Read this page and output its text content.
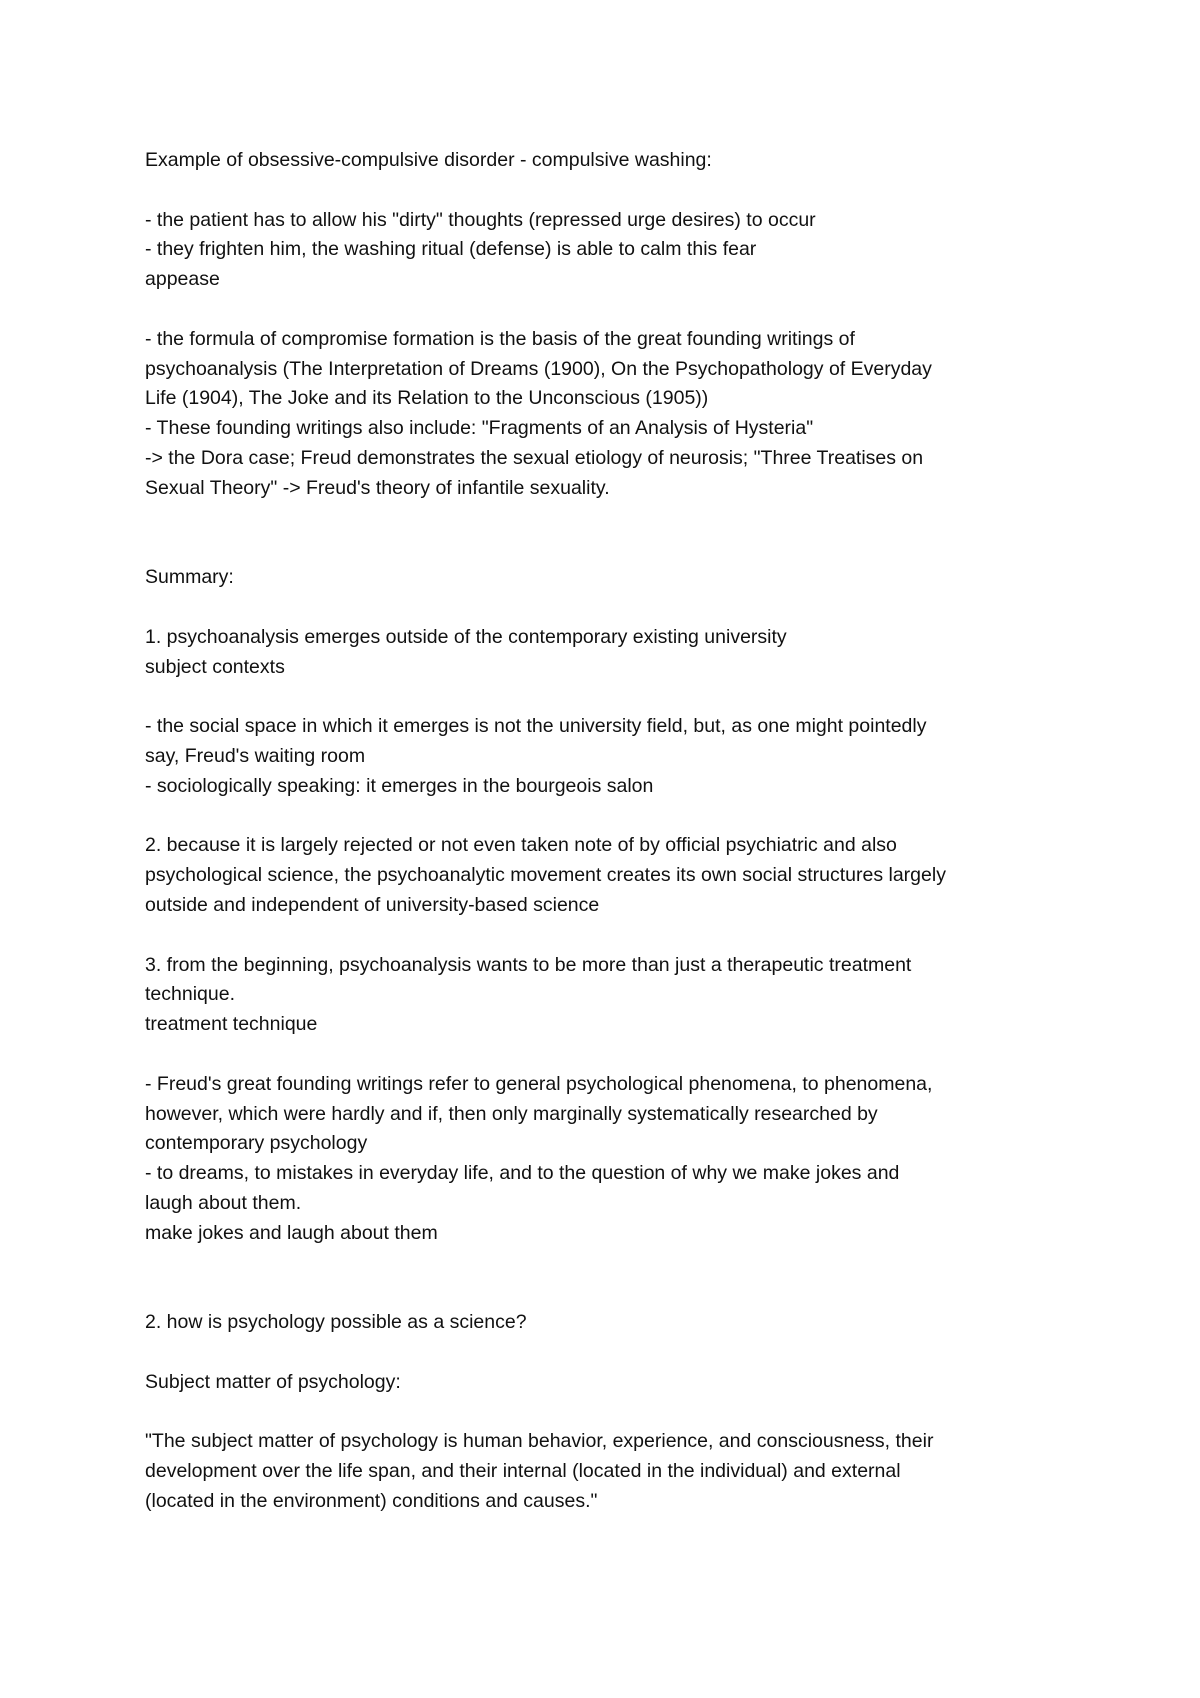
Example of obsessive-compulsive disorder - compulsive washing:

- the patient has to allow his "dirty" thoughts (repressed urge desires) to occur
- they frighten him, the washing ritual (defense) is able to calm this fear
appease

- the formula of compromise formation is the basis of the great founding writings of
psychoanalysis (The Interpretation of Dreams (1900), On the Psychopathology of Everyday
Life (1904), The Joke and its Relation to the Unconscious (1905))
- These founding writings also include: "Fragments of an Analysis of Hysteria"
-> the Dora case; Freud demonstrates the sexual etiology of neurosis; "Three Treatises on
Sexual Theory" -> Freud's theory of infantile sexuality.

Summary:

1. psychoanalysis emerges outside of the contemporary existing university
subject contexts

- the social space in which it emerges is not the university field, but, as one might pointedly
say, Freud's waiting room
- sociologically speaking: it emerges in the bourgeois salon

2. because it is largely rejected or not even taken note of by official psychiatric and also
psychological science, the psychoanalytic movement creates its own social structures largely
outside and independent of university-based science

3. from the beginning, psychoanalysis wants to be more than just a therapeutic treatment
technique.
treatment technique

- Freud's great founding writings refer to general psychological phenomena, to phenomena,
however, which were hardly and if, then only marginally systematically researched by
contemporary psychology
- to dreams, to mistakes in everyday life, and to the question of why we make jokes and
laugh about them.
make jokes and laugh about them

2. how is psychology possible as a science?

Subject matter of psychology:

"The subject matter of psychology is human behavior, experience, and consciousness, their
development over the life span, and their internal (located in the individual) and external
(located in the environment) conditions and causes."
